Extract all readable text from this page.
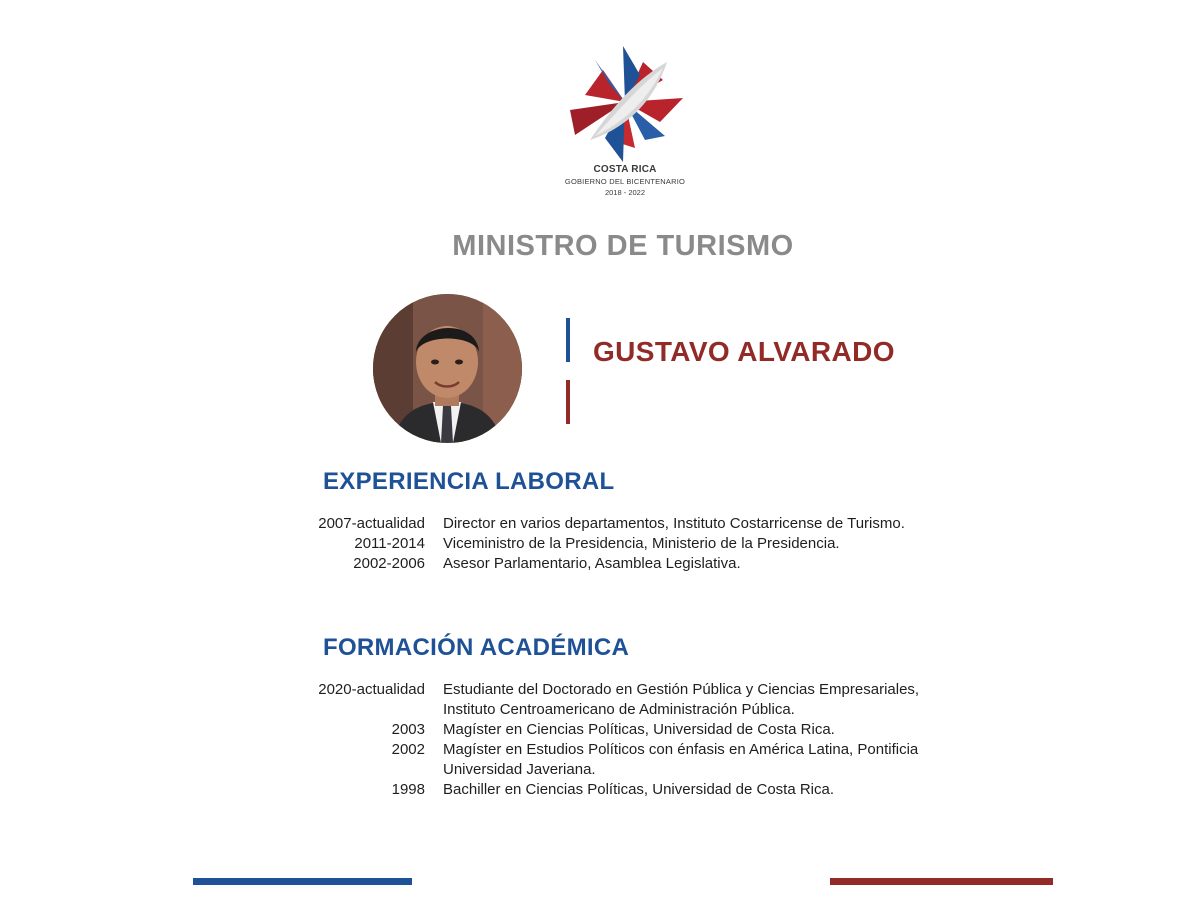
COSTA RICA
GOBIERNO DEL BICENTENARIO
2018 - 2022
MINISTRO DE TURISMO
GUSTAVO ALVARADO
EXPERIENCIA LABORAL
2007-actualidad Director en varios departamentos, Instituto Costarricense de Turismo.
2011-2014 Viceministro de la Presidencia, Ministerio de la Presidencia.
2002-2006 Asesor Parlamentario, Asamblea Legislativa.
FORMACIÓN ACADÉMICA
2020-actualidad Estudiante del Doctorado en Gestión Pública y Ciencias Empresariales, Instituto Centroamericano de Administración Pública.
2003 Magíster en Ciencias Políticas, Universidad de Costa Rica.
2002 Magíster en Estudios Políticos con énfasis en América Latina, Pontificia Universidad Javeriana.
1998 Bachiller en Ciencias Políticas, Universidad de Costa Rica.
